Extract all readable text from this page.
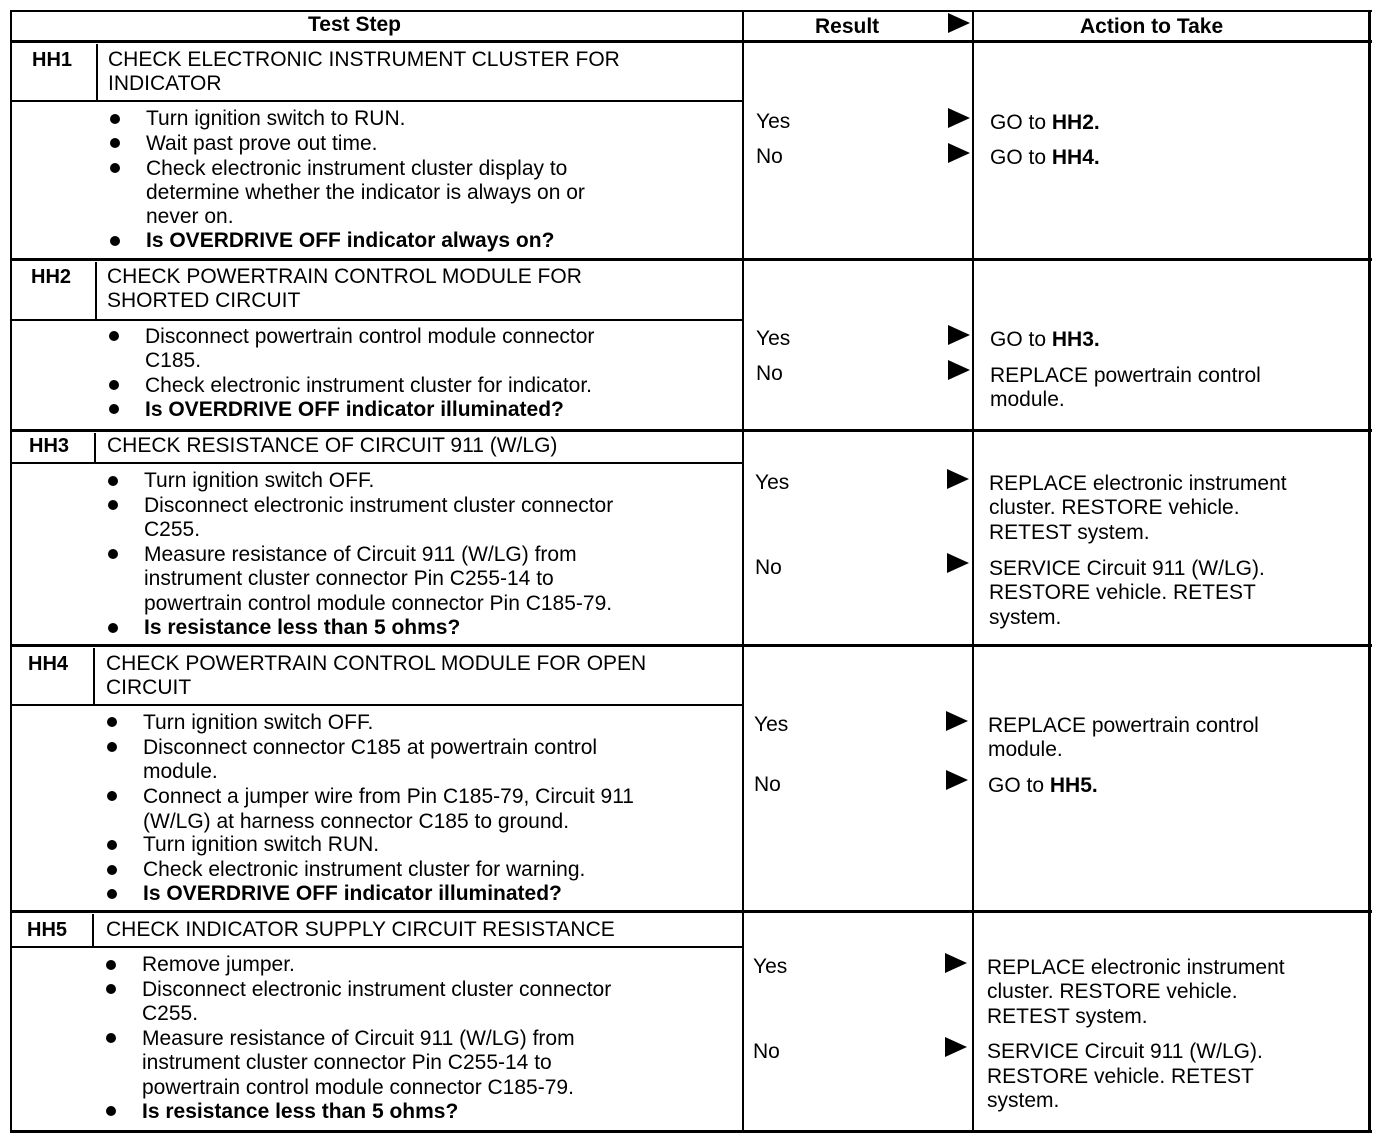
Test Step	Result	Action to Take
HH1 CHECK ELECTRONIC INSTRUMENT CLUSTER FOR
INDICATOR
Turn ignition switch to RUN.
Wait past prove out time.
Check electronic instrument cluster display to
determine whether the indicator is always on or
never on.
Is OVERDRIVE OFF indicator always on?
Yes	GO to HH2.
No	GO to HH4.
HH2 CHECK POWERTRAIN CONTROL MODULE FOR
SHORTED CIRCUIT
Disconnect powertrain control module connector
C185.
Check electronic instrument cluster for indicator.
Is OVERDRIVE OFF indicator illuminated?
Yes	GO to HH3.
No	REPLACE powertrain control
module.
HH3 CHECK RESISTANCE OF CIRCUIT 911 (W/LG)
Turn ignition switch OFF.
Disconnect electronic instrument cluster connector
C255.
Measure resistance of Circuit 911 (W/LG) from
instrument cluster connector Pin C255-14 to
powertrain control module connector Pin C185-79.
Is resistance less than 5 ohms?
Yes	REPLACE electronic instrument
cluster. RESTORE vehicle.
RETEST system.
No	SERVICE Circuit 911 (W/LG).
RESTORE vehicle. RETEST
system.
HH4 CHECK POWERTRAIN CONTROL MODULE FOR OPEN
CIRCUIT
Turn ignition switch OFF.
Disconnect connector C185 at powertrain control
module.
Connect a jumper wire from Pin C185-79, Circuit 911
(W/LG) at harness connector C185 to ground.
Turn ignition switch RUN.
Check electronic instrument cluster for warning.
Is OVERDRIVE OFF indicator illuminated?
Yes	REPLACE powertrain control
module.
No	GO to HH5.
HH5 CHECK INDICATOR SUPPLY CIRCUIT RESISTANCE
Remove jumper.
Disconnect electronic instrument cluster connector
C255.
Measure resistance of Circuit 911 (W/LG) from
instrument cluster connector Pin C255-14 to
powertrain control module connector C185-79.
Is resistance less than 5 ohms?
Yes	REPLACE electronic instrument
cluster. RESTORE vehicle.
RETEST system.
No	SERVICE Circuit 911 (W/LG).
RESTORE vehicle. RETEST
system.
